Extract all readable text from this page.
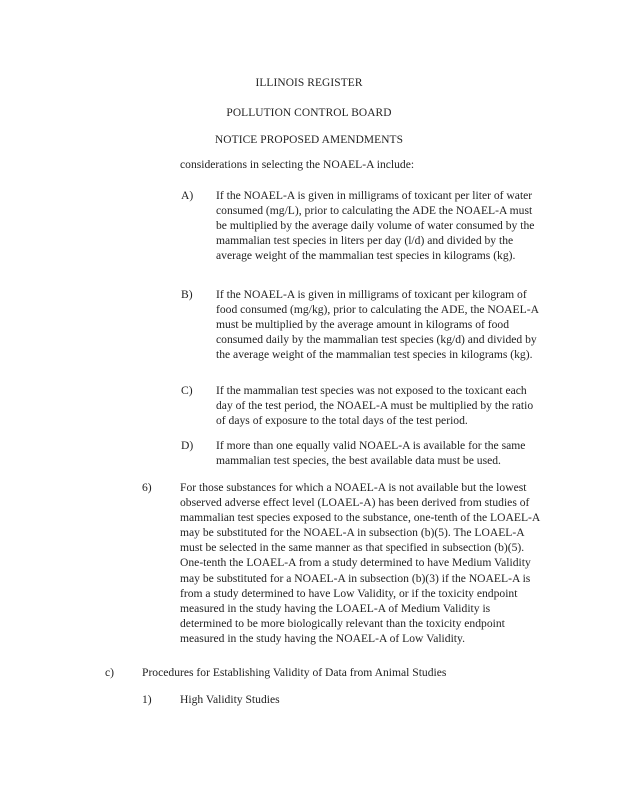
ILLINOIS REGISTER
POLLUTION CONTROL BOARD
NOTICE PROPOSED AMENDMENTS

considerations in selecting the NOAEL-A include:

A) If the NOAEL-A is given in milligrams of toxicant per liter of water consumed (mg/L), prior to calculating the ADE the NOAEL-A must be multiplied by the average daily volume of water consumed by the mammalian test species in liters per day (l/d) and divided by the average weight of the mammalian test species in kilograms (kg).

B) If the NOAEL-A is given in milligrams of toxicant per kilogram of food consumed (mg/kg), prior to calculating the ADE, the NOAEL-A must be multiplied by the average amount in kilograms of food consumed daily by the mammalian test species (kg/d) and divided by the average weight of the mammalian test species in kilograms (kg).

C) If the mammalian test species was not exposed to the toxicant each day of the test period, the NOAEL-A must be multiplied by the ratio of days of exposure to the total days of the test period.

D) If more than one equally valid NOAEL-A is available for the same mammalian test species, the best available data must be used.

6) For those substances for which a NOAEL-A is not available but the lowest observed adverse effect level (LOAEL-A) has been derived from studies of mammalian test species exposed to the substance, one-tenth of the LOAEL-A may be substituted for the NOAEL-A in subsection (b)(5). The LOAEL-A must be selected in the same manner as that specified in subsection (b)(5). One-tenth the LOAEL-A from a study determined to have Medium Validity may be substituted for a NOAEL-A in subsection (b)(3) if the NOAEL-A is from a study determined to have Low Validity, or if the toxicity endpoint measured in the study having the LOAEL-A of Medium Validity is determined to be more biologically relevant than the toxicity endpoint measured in the study having the NOAEL-A of Low Validity.

c) Procedures for Establishing Validity of Data from Animal Studies

1) High Validity Studies
